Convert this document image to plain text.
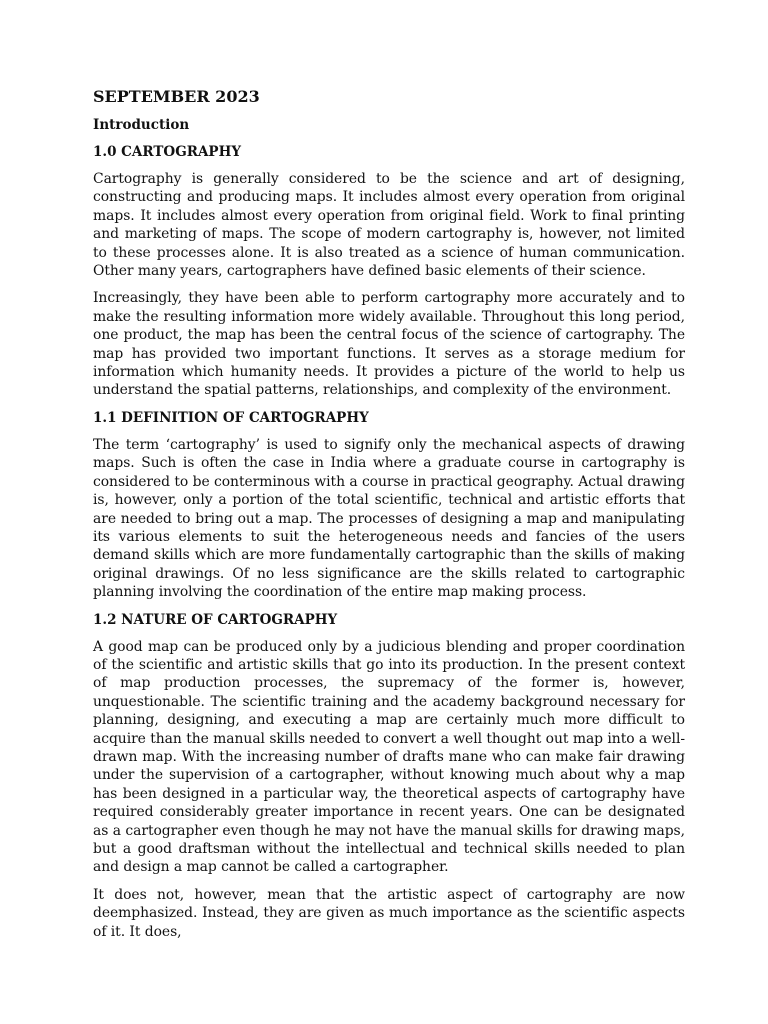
SEPTEMBER 2023
Introduction
1.0 CARTOGRAPHY

Cartography is generally considered to be the science and art of designing, constructing and producing maps. It includes almost every operation from original maps. It includes almost every operation from original field. Work to final printing and marketing of maps. The scope of modern cartography is, however, not limited to these processes alone. It is also treated as a science of human communication. Other many years, cartographers have defined basic elements of their science.

Increasingly, they have been able to perform cartography more accurately and to make the resulting information more widely available. Throughout this long period, one product, the map has been the central focus of the science of cartography. The map has provided two important functions. It serves as a storage medium for information which humanity needs. It provides a picture of the world to help us understand the spatial patterns, relationships, and complexity of the environment.

1.1 DEFINITION OF CARTOGRAPHY

The term ‘cartography’ is used to signify only the mechanical aspects of drawing maps. Such is often the case in India where a graduate course in cartography is considered to be conterminous with a course in practical geography. Actual drawing is, however, only a portion of the total scientific, technical and artistic efforts that are needed to bring out a map. The processes of designing a map and manipulating its various elements to suit the heterogeneous needs and fancies of the users demand skills which are more fundamentally cartographic than the skills of making original drawings. Of no less significance are the skills related to cartographic planning involving the coordination of the entire map making process.

1.2 NATURE OF CARTOGRAPHY

A good map can be produced only by a judicious blending and proper coordination of the scientific and artistic skills that go into its production. In the present context of map production processes, the supremacy of the former is, however, unquestionable. The scientific training and the academy background necessary for planning, designing, and executing a map are certainly much more difficult to acquire than the manual skills needed to convert a well thought out map into a well-drawn map. With the increasing number of drafts mane who can make fair drawing under the supervision of a cartographer, without knowing much about why a map has been designed in a particular way, the theoretical aspects of cartography have required considerably greater importance in recent years. One can be designated as a cartographer even though he may not have the manual skills for drawing maps, but a good draftsman without the intellectual and technical skills needed to plan and design a map cannot be called a cartographer.

It does not, however, mean that the artistic aspect of cartography are now deemphasized. Instead, they are given as much importance as the scientific aspects of it. It does,
